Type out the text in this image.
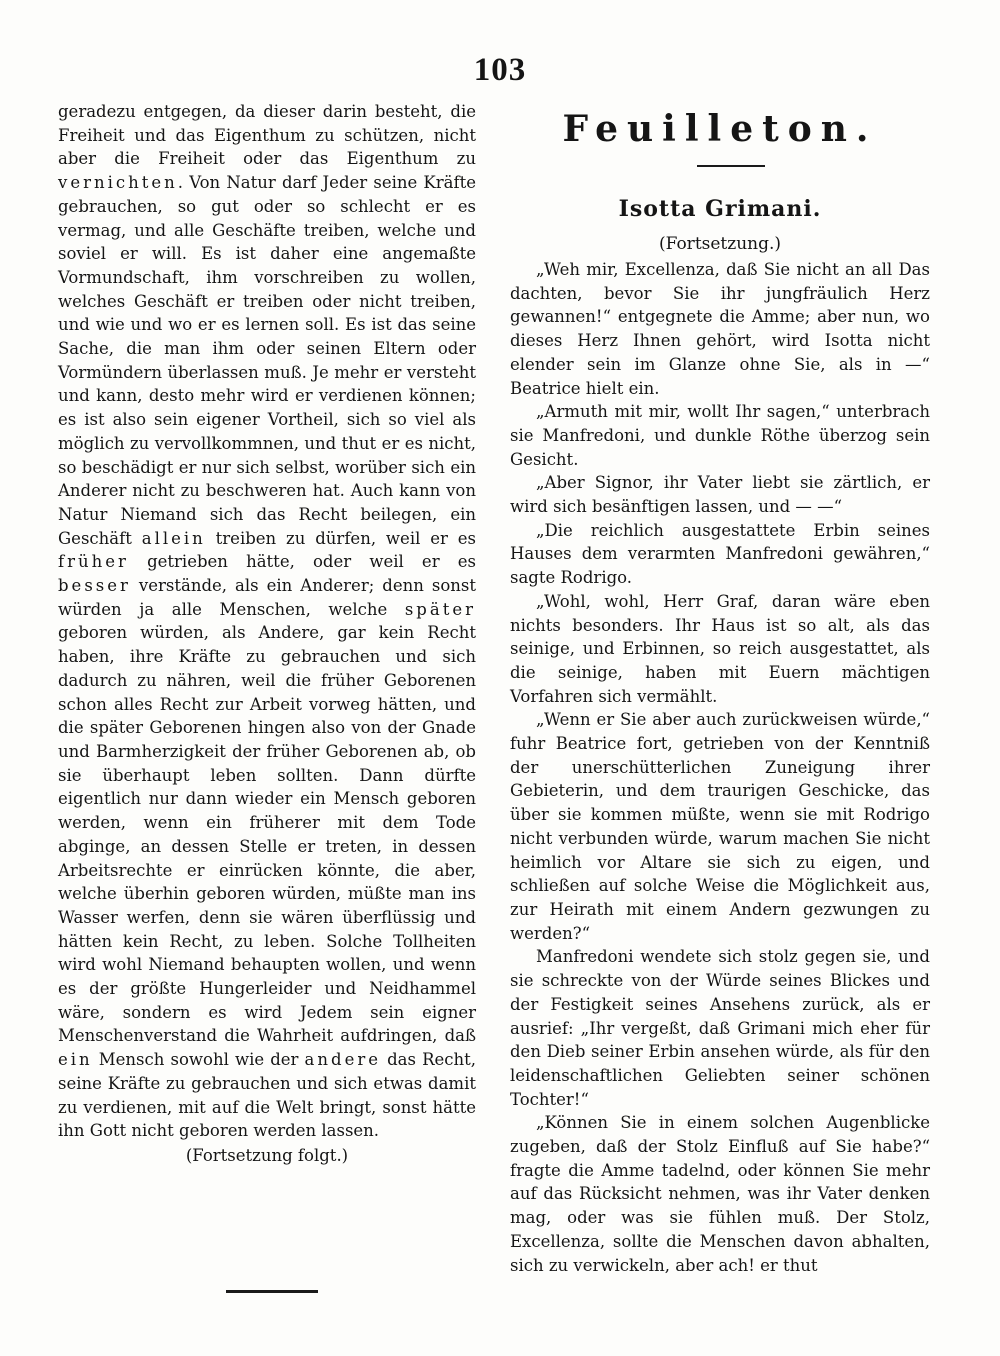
103

geradezu entgegen, da dieser darin besteht, die Freiheit und das Eigenthum zu schützen, nicht aber die Freiheit oder das Eigenthum zu vernichten. Von Natur darf Jeder seine Kräfte gebrauchen, so gut oder so schlecht er es vermag, und alle Geschäfte treiben, welche und soviel er will. Es ist daher eine angemaßte Vormundschaft, ihm vorschreiben zu wollen, welches Geschäft er treiben oder nicht treiben, und wie und wo er es lernen soll. Es ist das seine Sache, die man ihm oder seinen Eltern oder Vormündern überlassen muß. Je mehr er versteht und kann, desto mehr wird er verdienen können; es ist also sein eigener Vortheil, sich so viel als möglich zu vervollkommnen, und thut er es nicht, so beschädigt er nur sich selbst, worüber sich ein Anderer nicht zu beschweren hat. Auch kann von Natur Niemand sich das Recht beilegen, ein Geschäft allein treiben zu dürfen, weil er es früher getrieben hätte, oder weil er es besser verstände, als ein Anderer; denn sonst würden ja alle Menschen, welche später geboren würden, als Andere, gar kein Recht haben, ihre Kräfte zu gebrauchen und sich dadurch zu nähren, weil die früher Geborenen schon alles Recht zur Arbeit vorweg hätten, und die später Geborenen hingen also von der Gnade und Barmherzigkeit der früher Geborenen ab, ob sie überhaupt leben sollten. Dann dürfte eigentlich nur dann wieder ein Mensch geboren werden, wenn ein früherer mit dem Tode abginge, an dessen Stelle er treten, in dessen Arbeitsrechte er einrücken könnte, die aber, welche überhin geboren würden, müßte man ins Wasser werfen, denn sie wären überflüssig und hätten kein Recht, zu leben. Solche Tollheiten wird wohl Niemand behaupten wollen, und wenn es der größte Hungerleider und Neidhammel wäre, sondern es wird Jedem sein eigner Menschenverstand die Wahrheit aufdringen, daß ein Mensch sowohl wie der andere das Recht, seine Kräfte zu gebrauchen und sich etwas damit zu verdienen, mit auf die Welt bringt, sonst hätte ihn Gott nicht geboren werden lassen.

(Fortsetzung folgt.)

Feuilleton.
Isotta Grimani.
(Fortsetzung.)

„Weh mir, Excellenza, daß Sie nicht an all Das dachten, bevor Sie ihr jungfräulich Herz gewannen!“ entgegnete die Amme; aber nun, wo dieses Herz Ihnen gehört, wird Isotta nicht elender sein im Glanze ohne Sie, als in —“ Beatrice hielt ein.

„Armuth mit mir, wollt Ihr sagen,“ unterbrach sie Manfredoni, und dunkle Röthe überzog sein Gesicht.

„Aber Signor, ihr Vater liebt sie zärtlich, er wird sich besänftigen lassen, und — —“

„Die reichlich ausgestattete Erbin seines Hauses dem verarmten Manfredoni gewähren,“ sagte Rodrigo.

„Wohl, wohl, Herr Graf, daran wäre eben nichts besonders. Ihr Haus ist so alt, als das seinige, und Erbinnen, so reich ausgestattet, als die seinige, haben mit Euern mächtigen Vorfahren sich vermählt.

„Wenn er Sie aber auch zurückweisen würde,“ fuhr Beatrice fort, getrieben von der Kenntniß der unerschütterlichen Zuneigung ihrer Gebieterin, und dem traurigen Geschicke, das über sie kommen müßte, wenn sie mit Rodrigo nicht verbunden würde, warum machen Sie nicht heimlich vor Altare sie sich zu eigen, und schließen auf solche Weise die Möglichkeit aus, zur Heirath mit einem Andern gezwungen zu werden?“

Manfredoni wendete sich stolz gegen sie, und sie schreckte von der Würde seines Blickes und der Festigkeit seines Ansehens zurück, als er ausrief: „Ihr vergeßt, daß Grimani mich eher für den Dieb seiner Erbin ansehen würde, als für den leidenschaftlichen Geliebten seiner schönen Tochter!“

„Können Sie in einem solchen Augenblicke zugeben, daß der Stolz Einfluß auf Sie habe?“ fragte die Amme tadelnd, oder können Sie mehr auf das Rücksicht nehmen, was ihr Vater denken mag, oder was sie fühlen muß. Der Stolz, Excellenza, sollte die Menschen davon abhalten, sich zu verwickeln, aber ach! er thut
